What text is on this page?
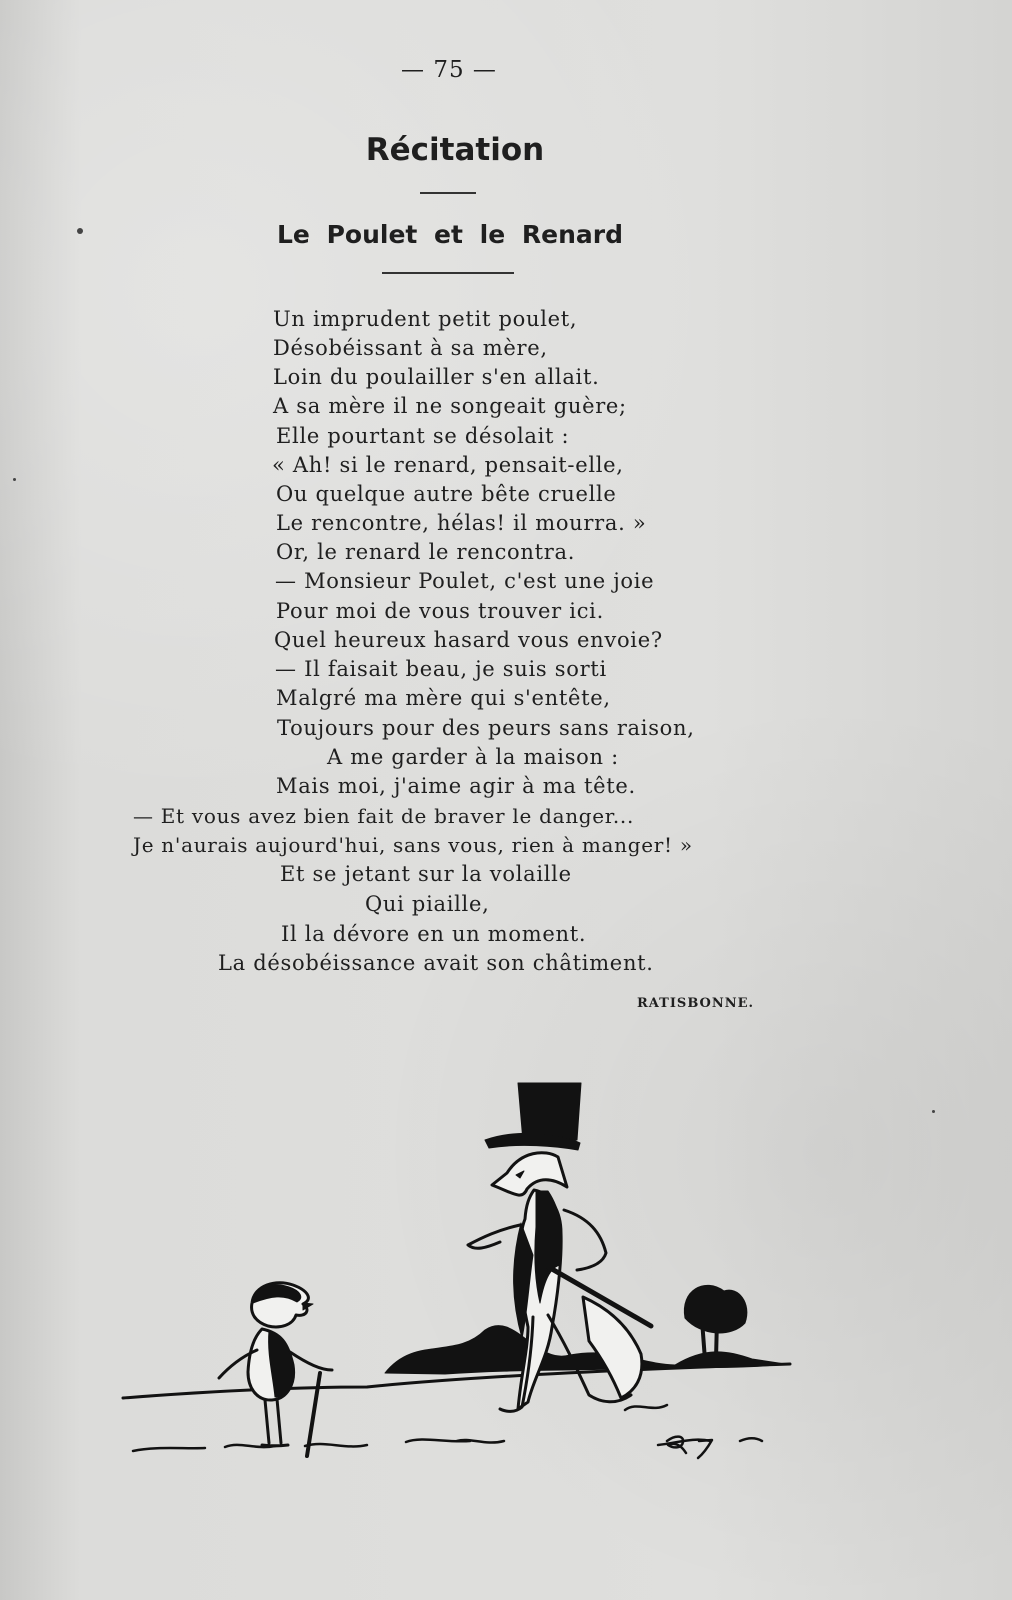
— 75 —
Récitation
Le Poulet et le Renard
Un imprudent petit poulet,
Désobéissant à sa mère,
Loin du poulailler s'en allait.
A sa mère il ne songeait guère;
Elle pourtant se désolait :
« Ah! si le renard, pensait-elle,
Ou quelque autre bête cruelle
Le rencontre, hélas! il mourra. »
Or, le renard le rencontra.
— Monsieur Poulet, c'est une joie
Pour moi de vous trouver ici.
Quel heureux hasard vous envoie?
— Il faisait beau, je suis sorti
Malgré ma mère qui s'entête,
Toujours pour des peurs sans raison,
A me garder à la maison :
Mais moi, j'aime agir à ma tête.
— Et vous avez bien fait de braver le danger...
Je n'aurais aujourd'hui, sans vous, rien à manger! »
Et se jetant sur la volaille
Qui piaille,
Il la dévore en un moment.
La désobéissance avait son châtiment.
RATISBONNE.
